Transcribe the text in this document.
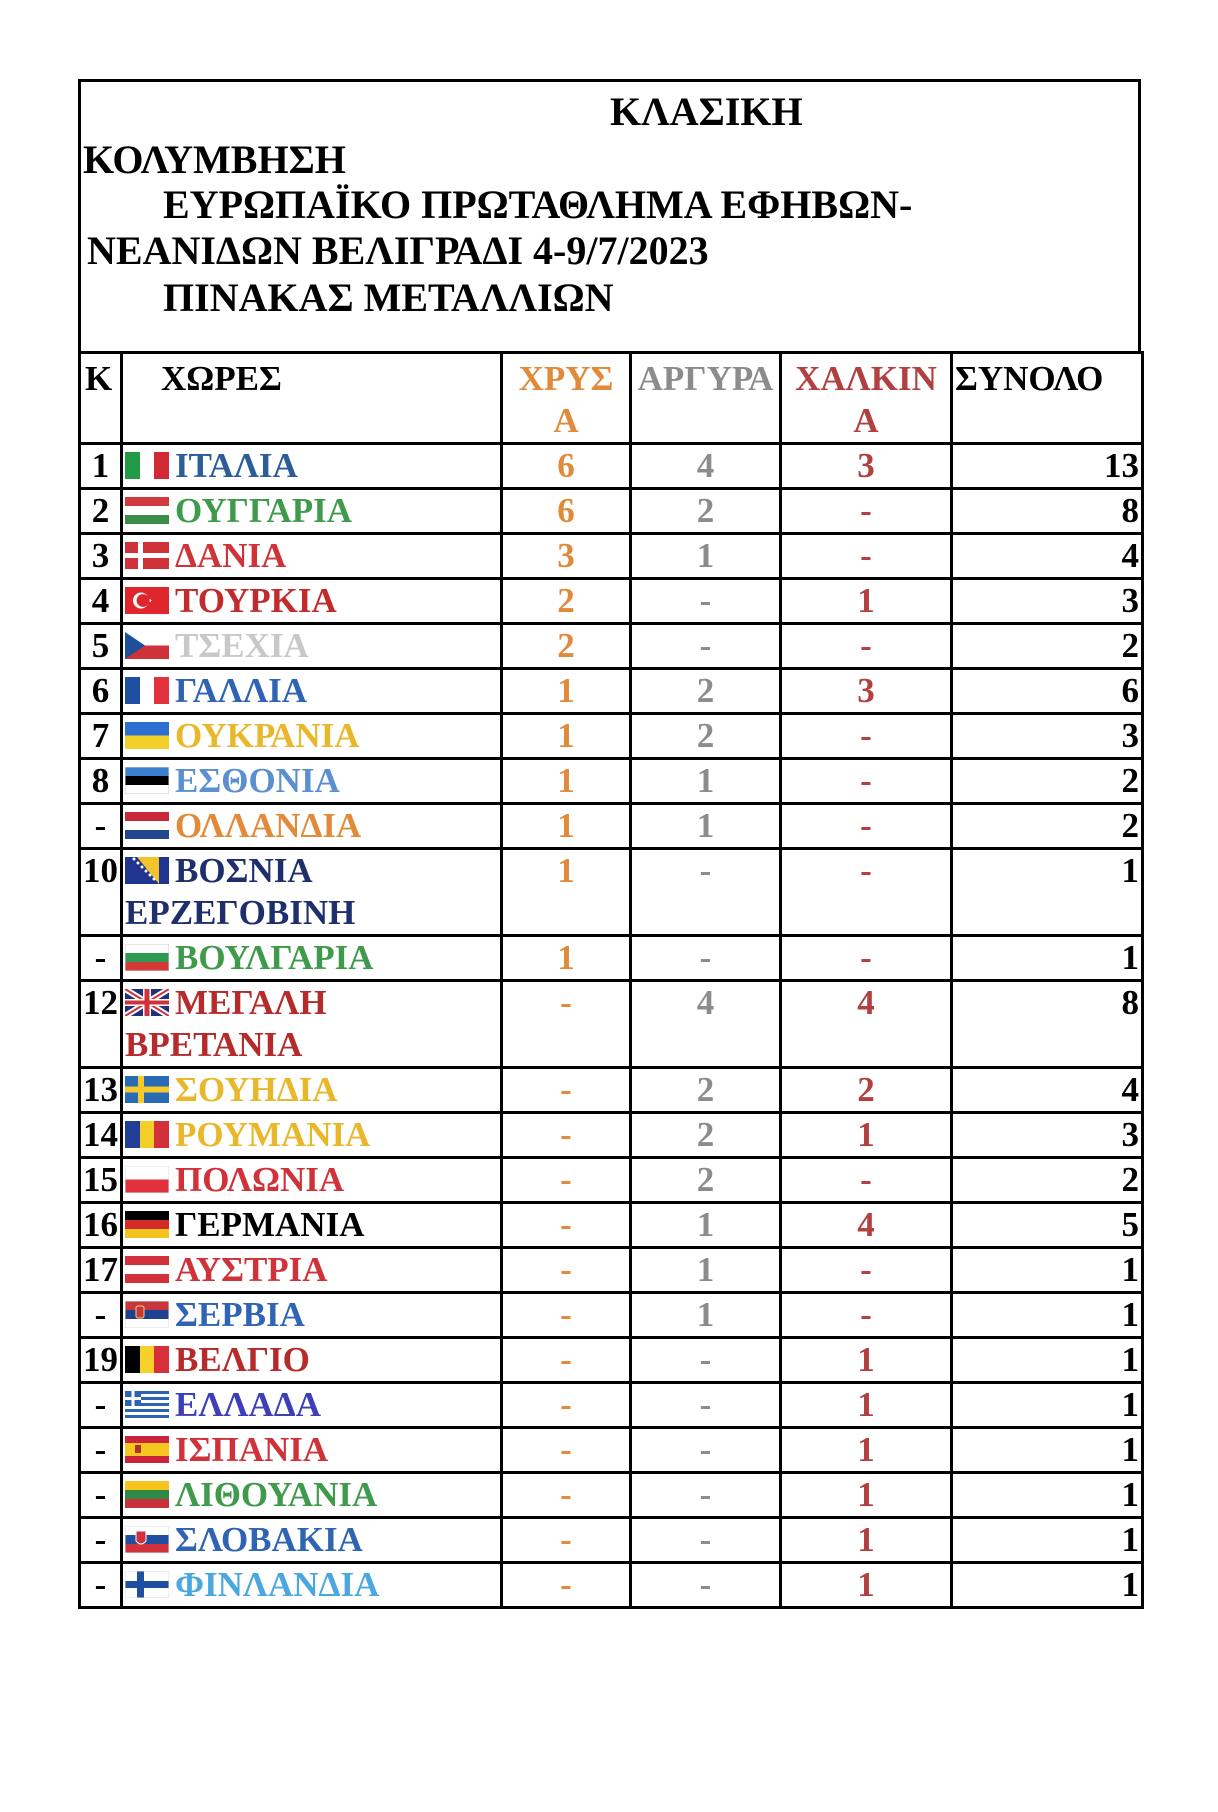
ΚΛΑΣΙΚΗ
ΚΟΛΥΜΒΗΣΗ
ΕΥΡΩΠΑΪΚΟ ΠΡΩΤΑΘΛΗΜΑ ΕΦΗΒΩΝ-
ΝΕΑΝΙΔΩΝ ΒΕΛΙΓΡΑΔΙ 4-9/7/2023
ΠΙΝΑΚΑΣ ΜΕΤΑΛΛΙΩΝ
Κ	ΧΩΡΕΣ	ΧΡΥΣ Α	ΑΡΓΥΡΑ	ΧΑΛΚΙΝ Α	ΣΥΝΟΛΟ

1	ΙΤΑΛΙΑ	6	4	3	13
2	ΟΥΓΓΑΡΙΑ	6	2	-	8
3	ΔΑΝΙΑ	3	1	-	4
4	ΤΟΥΡΚΙΑ	2	-	1	3
5	ΤΣΕΧΙΑ	2	-	-	2
6	ΓΑΛΛΙΑ	1	2	3	6
7	ΟΥΚΡΑΝΙΑ	1	2	-	3
8	ΕΣΘΟΝΙΑ	1	1	-	2
-	ΟΛΛΑΝΔΙΑ	1	1	-	2
10	ΒΟΣΝΙΑ ΕΡΖΕΓΟΒΙΝΗ	1	-	-	1
-	ΒΟΥΛΓΑΡΙΑ	1	-	-	1
12	ΜΕΓΑΛΗ ΒΡΕΤΑΝΙΑ	-	4	4	8
13	ΣΟΥΗΔΙΑ	-	2	2	4
14	ΡΟΥΜΑΝΙΑ	-	2	1	3
15	ΠΟΛΩΝΙΑ	-	2	-	2
16	ΓΕΡΜΑΝΙΑ	-	1	4	5
17	ΑΥΣΤΡΙΑ	-	1	-	1
-	ΣΕΡΒΙΑ	-	1	-	1
19	ΒΕΛΓΙΟ	-	-	1	1
-	ΕΛΛΑΔΑ	-	-	1	1
-	ΙΣΠΑΝΙΑ	-	-	1	1
-	ΛΙΘΟΥΑΝΙΑ	-	-	1	1
-	ΣΛΟΒΑΚΙΑ	-	-	1	1
-	ΦΙΝΛΑΝΔΙΑ	-	-	1	1
